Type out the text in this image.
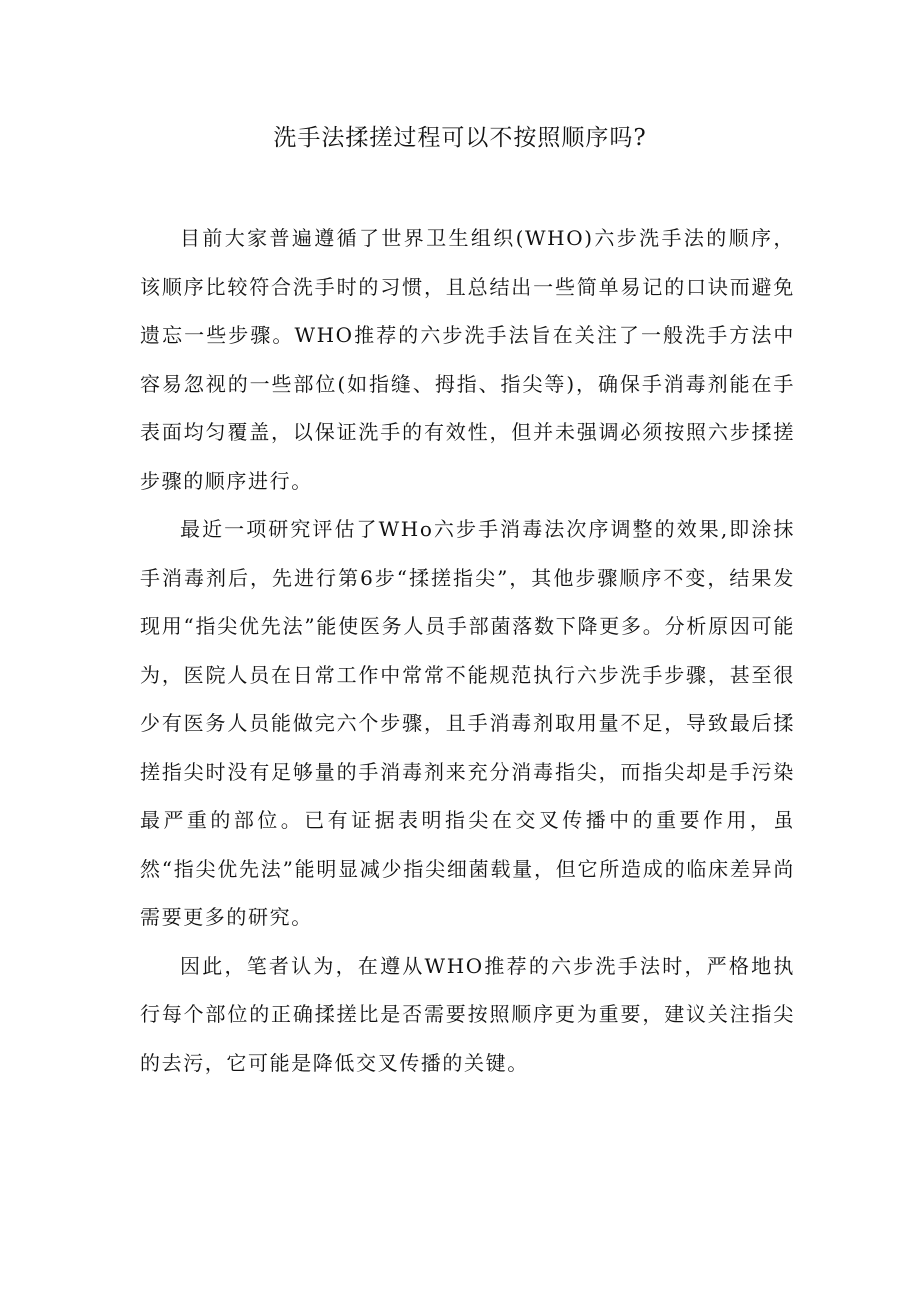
洗手法揉搓过程可以不按照顺序吗?

目前大家普遍遵循了世界卫生组织(WHO)六步洗手法的顺序，该顺序比较符合洗手时的习惯，且总结出一些简单易记的口诀而避免遗忘一些步骤。WHO推荐的六步洗手法旨在关注了一般洗手方法中容易忽视的一些部位(如指缝、拇指、指尖等)，确保手消毒剂能在手表面均匀覆盖，以保证洗手的有效性，但并未强调必须按照六步揉搓步骤的顺序进行。

最近一项研究评估了WHo六步手消毒法次序调整的效果,即涂抹手消毒剂后，先进行第6步“揉搓指尖”，其他步骤顺序不变，结果发现用“指尖优先法”能使医务人员手部菌落数下降更多。分析原因可能为，医院人员在日常工作中常常不能规范执行六步洗手步骤，甚至很少有医务人员能做完六个步骤，且手消毒剂取用量不足，导致最后揉搓指尖时没有足够量的手消毒剂来充分消毒指尖，而指尖却是手污染最严重的部位。已有证据表明指尖在交叉传播中的重要作用，虽然“指尖优先法”能明显减少指尖细菌载量，但它所造成的临床差异尚需要更多的研究。

因此，笔者认为，在遵从WHO推荐的六步洗手法时，严格地执行每个部位的正确揉搓比是否需要按照顺序更为重要，建议关注指尖的去污，它可能是降低交叉传播的关键。
